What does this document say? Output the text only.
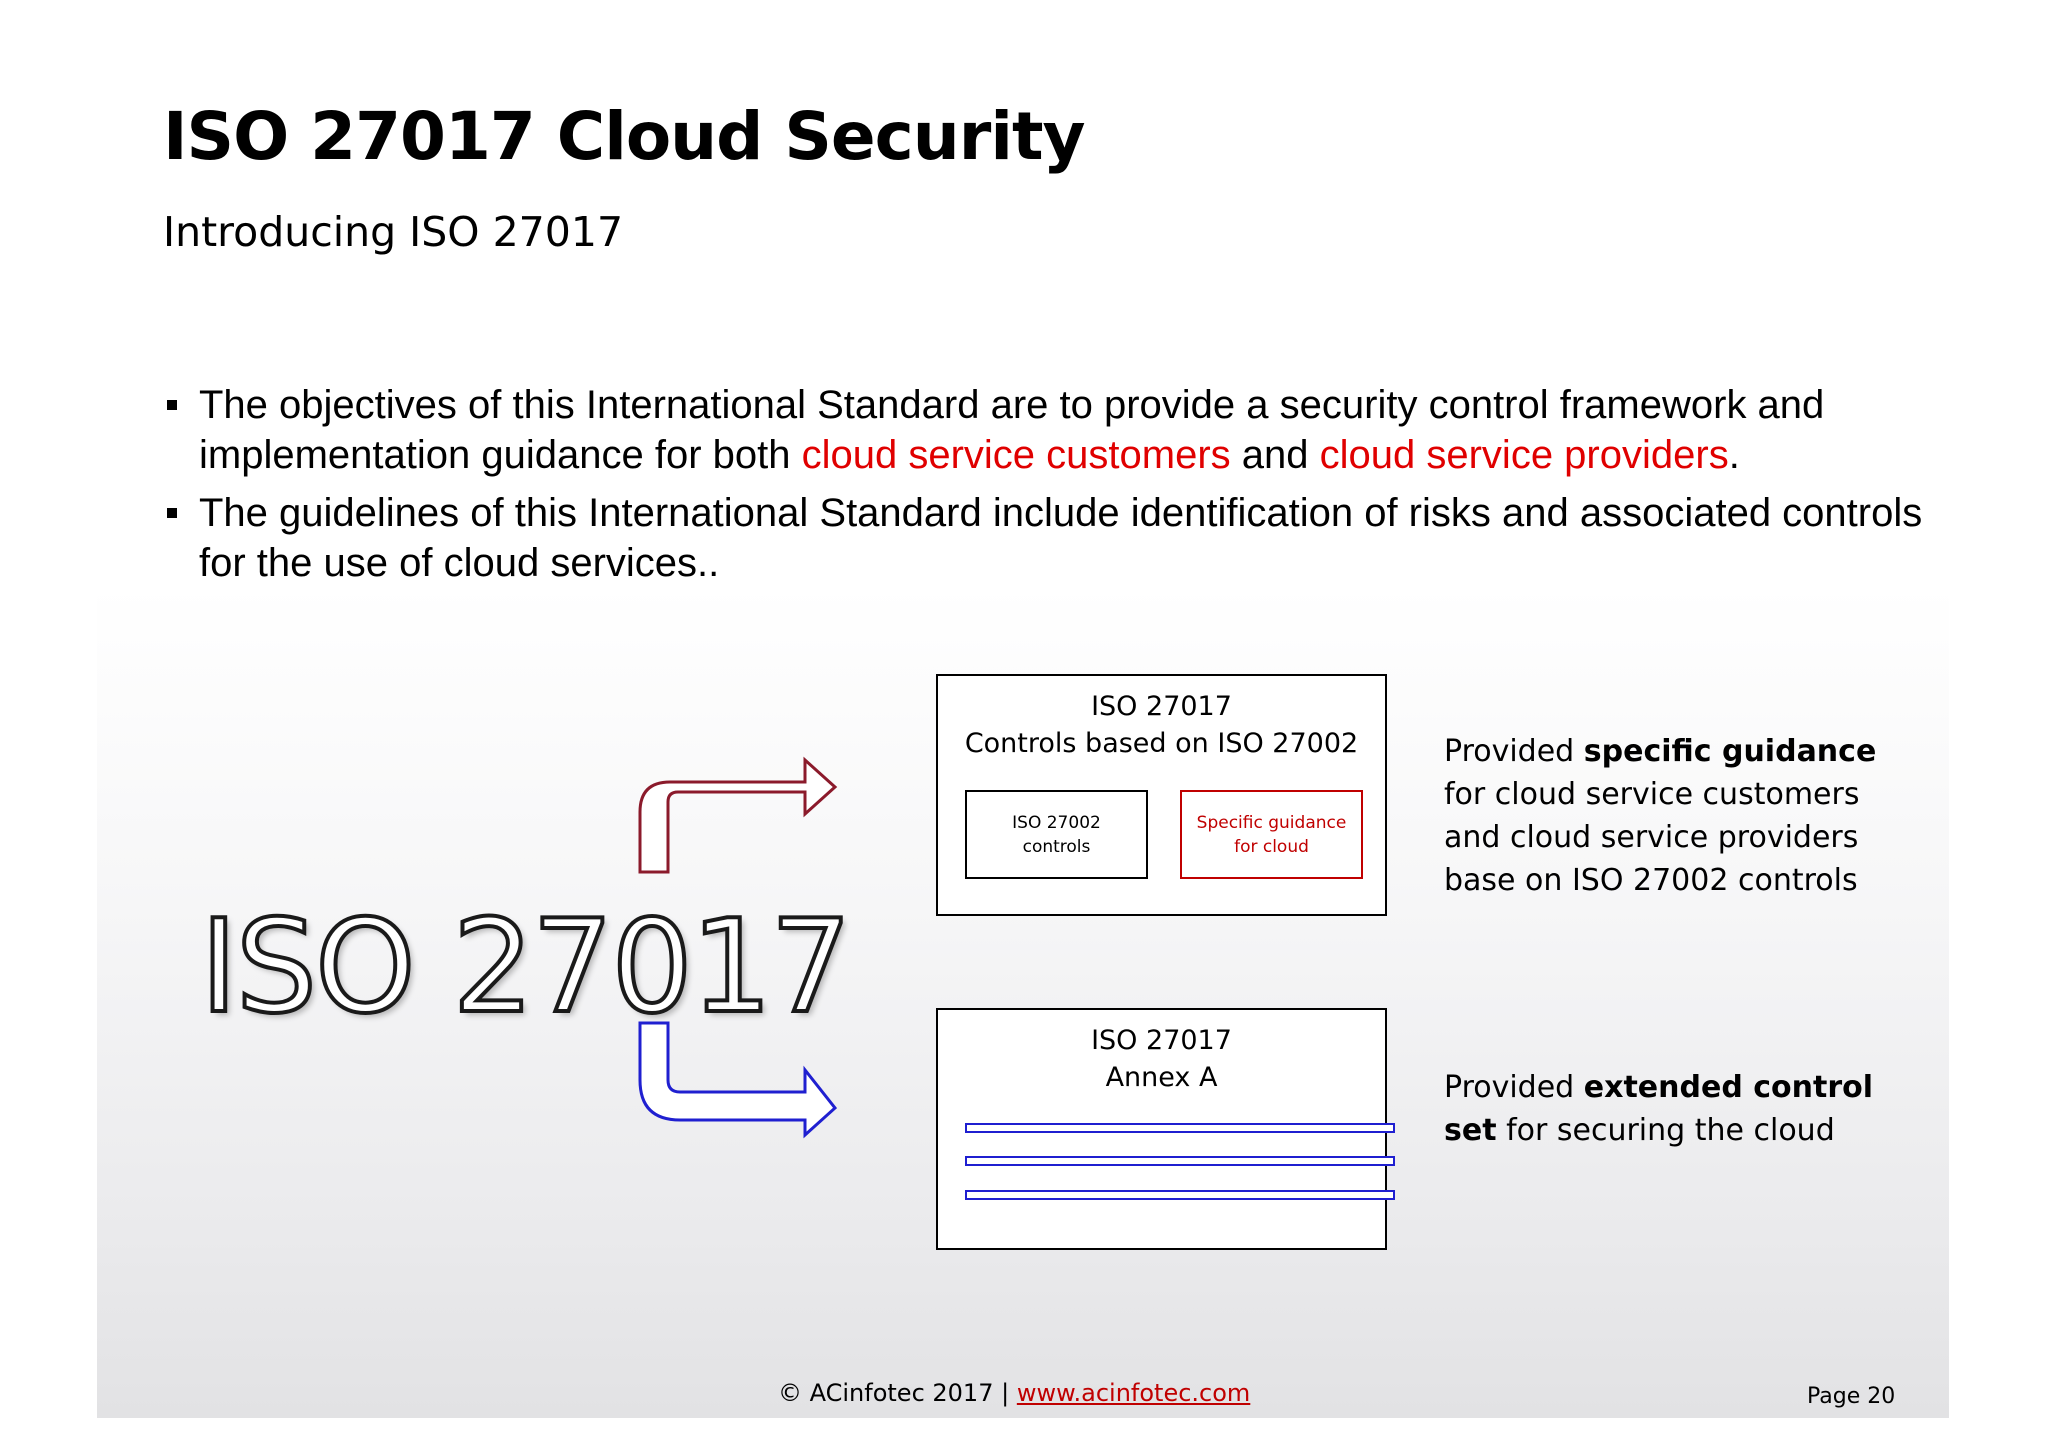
ISO 27017 Cloud Security
Introducing ISO 27017
The objectives of this International Standard are to provide a security control framework and implementation guidance for both cloud service customers and cloud service providers.
The guidelines of this International Standard include identification of risks and associated controls for the use of cloud services..
ISO 27017
ISO 27017
Controls based on ISO 27002
ISO 27002
controls
Specific guidance
for cloud
ISO 27017
Annex A
Provided specific guidance
for cloud service customers
and cloud service providers
base on ISO 27002 controls
Provided extended control
set for securing the cloud
© ACinfotec 2017 | www.acinfotec.com	Page 20
